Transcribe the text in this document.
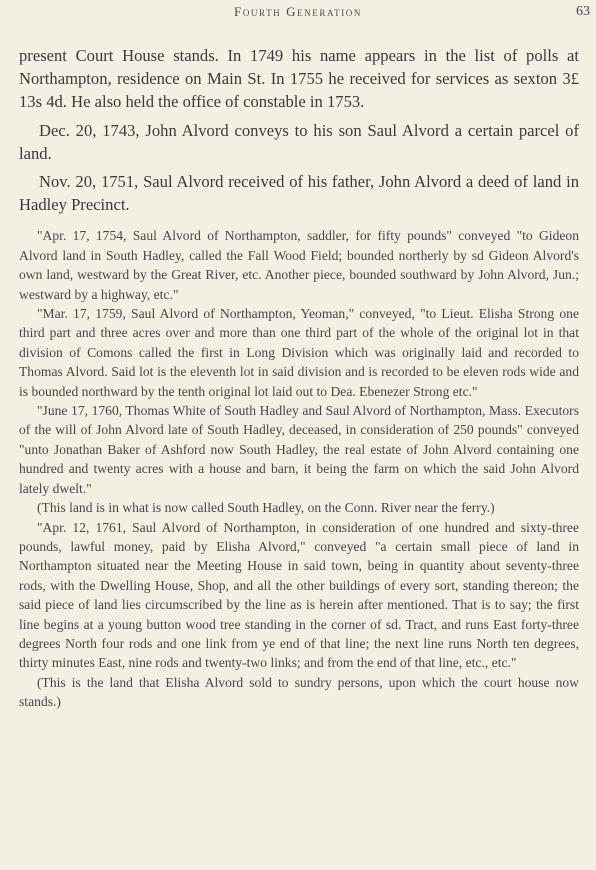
Fourth Generation	63

present Court House stands. In 1749 his name appears in the list of polls at Northampton, residence on Main St. In 1755 he received for services as sexton 3£ 13s 4d. He also held the office of constable in 1753.

Dec. 20, 1743, John Alvord conveys to his son Saul Alvord a certain parcel of land.

Nov. 20, 1751, Saul Alvord received of his father, John Alvord a deed of land in Hadley Precinct.

"Apr. 17, 1754, Saul Alvord of Northampton, saddler, for fifty pounds" conveyed "to Gideon Alvord land in South Hadley, called the Fall Wood Field; bounded northerly by sd Gideon Alvord's own land, westward by the Great River, etc. Another piece, bounded southward by John Alvord, Jun.; westward by a highway, etc."

"Mar. 17, 1759, Saul Alvord of Northampton, Yeoman," conveyed, "to Lieut. Elisha Strong one third part and three acres over and more than one third part of the whole of the original lot in that division of Comons called the first in Long Division which was originally laid and recorded to Thomas Alvord. Said lot is the eleventh lot in said division and is recorded to be eleven rods wide and is bounded northward by the tenth original lot laid out to Dea. Ebenezer Strong etc."

"June 17, 1760, Thomas White of South Hadley and Saul Alvord of Northampton, Mass. Executors of the will of John Alvord late of South Hadley, deceased, in consideration of 250 pounds" conveyed "unto Jonathan Baker of Ashford now South Hadley, the real estate of John Alvord containing one hundred and twenty acres with a house and barn, it being the farm on which the said John Alvord lately dwelt."

(This land is in what is now called South Hadley, on the Conn. River near the ferry.)

"Apr. 12, 1761, Saul Alvord of Northampton, in consideration of one hundred and sixty-three pounds, lawful money, paid by Elisha Alvord," conveyed "a certain small piece of land in Northampton situated near the Meeting House in said town, being in quantity about seventy-three rods, with the Dwelling House, Shop, and all the other buildings of every sort, standing thereon; the said piece of land lies circumscribed by the line as is herein after mentioned. That is to say; the first line begins at a young button wood tree standing in the corner of sd. Tract, and runs East forty-three degrees North four rods and one link from ye end of that line; the next line runs North ten degrees, thirty minutes East, nine rods and twenty-two links; and from the end of that line, etc., etc."

(This is the land that Elisha Alvord sold to sundry persons, upon which the court house now stands.)
